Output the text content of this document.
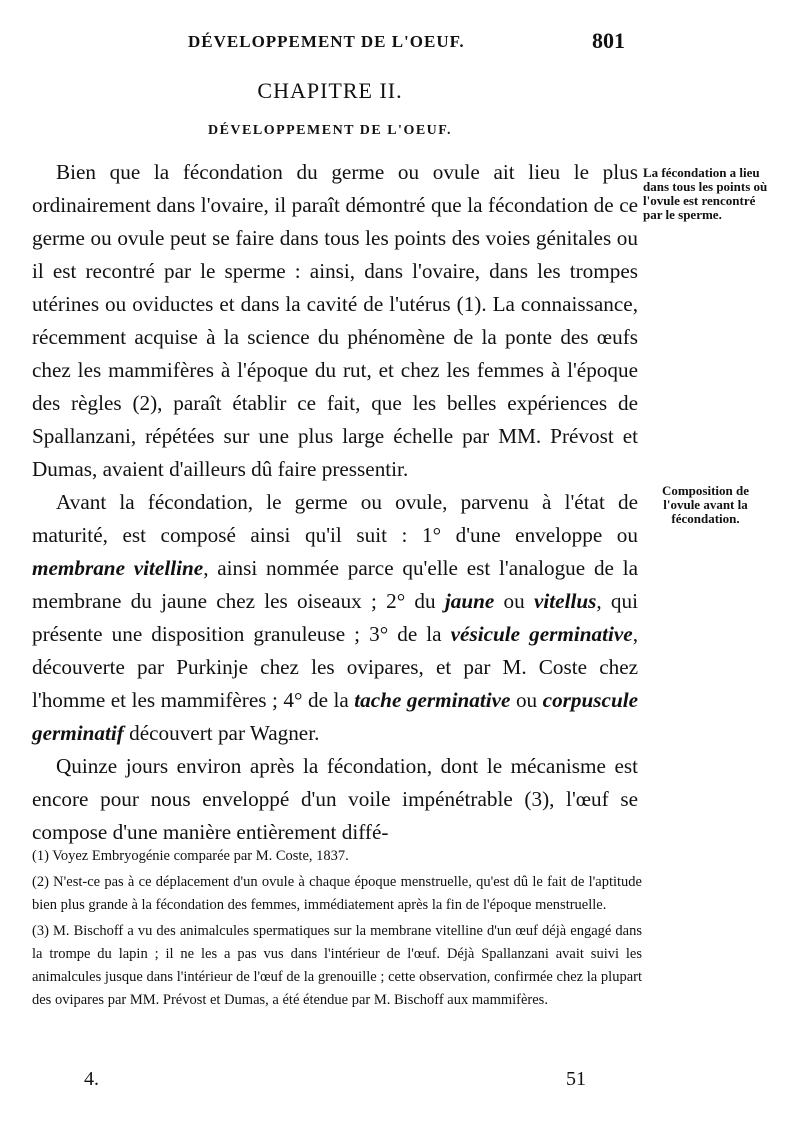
DÉVELOPPEMENT DE L'OEUF.	801
CHAPITRE II.
DÉVELOPPEMENT DE L'OEUF.

Bien que la fécondation du germe ou ovule ait lieu le plus ordinairement dans l'ovaire, il paraît démontré que la fécondation de ce germe ou ovule peut se faire dans tous les points des voies génitales ou il est recontré par le sperme : ainsi, dans l'ovaire, dans les trompes utérines ou oviductes et dans la cavité de l'utérus (1). La connaissance, récemment acquise à la science du phénomène de la ponte des œufs chez les mammifères à l'époque du rut, et chez les femmes à l'époque des règles (2), paraît établir ce fait, que les belles expériences de Spallanzani, répétées sur une plus large échelle par MM. Prévost et Dumas, avaient d'ailleurs dû faire pressentir.

Avant la fécondation, le germe ou ovule, parvenu à l'état de maturité, est composé ainsi qu'il suit : 1° d'une enveloppe ou membrane vitelline, ainsi nommée parce qu'elle est l'analogue de la membrane du jaune chez les oiseaux ; 2° du jaune ou vitellus, qui présente une disposition granuleuse ; 3° de la vésicule germinative, découverte par Purkinje chez les ovipares, et par M. Coste chez l'homme et les mammifères ; 4° de la tache germinative ou corpuscule germinatif découvert par Wagner.

Quinze jours environ après la fécondation, dont le mécanisme est encore pour nous enveloppé d'un voile impénétrable (3), l'œuf se compose d'une manière entièrement diffé-

La fécondation a lieu dans tous les points où l'ovule est rencontré par le sperme.
Composition de l'ovule avant la fécondation.

(1) Voyez Embryogénie comparée par M. Coste, 1837.

(2) N'est-ce pas à ce déplacement d'un ovule à chaque époque menstruelle, qu'est dû le fait de l'aptitude bien plus grande à la fécondation des femmes, immédiatement après la fin de l'époque menstruelle.

(3) M. Bischoff a vu des animalcules spermatiques sur la membrane vitelline d'un œuf déjà engagé dans la trompe du lapin ; il ne les a pas vus dans l'intérieur de l'œuf. Déjà Spallanzani avait suivi les animalcules jusque dans l'intérieur de l'œuf de la grenouille ; cette observation, confirmée chez la plupart des ovipares par MM. Prévost et Dumas, a été étendue par M. Bischoff aux mammifères.

4.	51
